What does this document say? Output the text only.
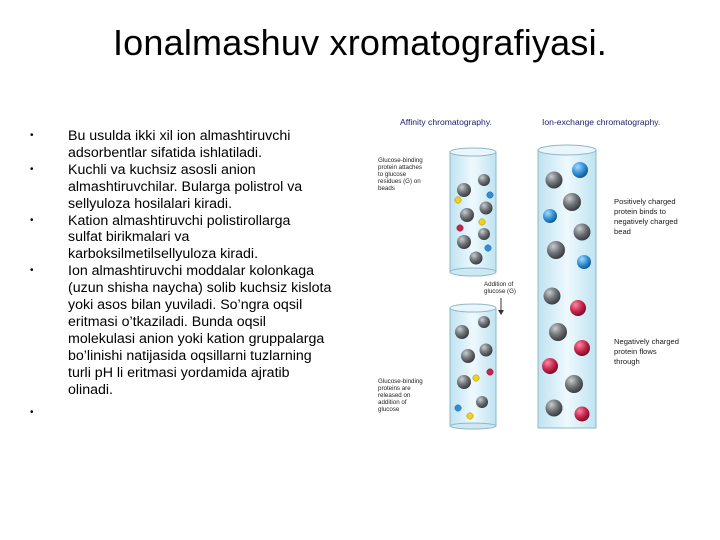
Ionalmashuv xromatografiyasi.
• Bu usulda ikki xil ion almashtiruvchi
adsorbentlar sifatida ishlatiladi.
• Kuchli va kuchsiz asosli anion
almashtiruvchilar. Bularga polistrol va
sellyuloza hosilalari kiradi.
• Kation almashtiruvchi polistirollarga
sulfat birikmalari va
karboksilmetilsellyuloza kiradi.
• Ion almashtiruvchi moddalar kolonkaga
(uzun shisha naycha) solib kuchsiz kislota
yoki asos bilan yuviladi. So’ngra oqsil
eritmasi o’tkaziladi. Bunda oqsil
molekulasi anion yoki kation gruppalarga
bo’linishi natijasida oqsillarni tuzlarning
turli pH li eritmasi yordamida ajratib
olinadi.
•
Affinity chromatography.	Ion-exchange chromatography.
Glucose-binding
protein attaches
to glucose
residues (G) on
beads
Addition of
glucose (G)
Glucose-binding
proteins are
released on
addition of
glucose
Positively charged
protein binds to
negatively charged
bead
Negatively charged
protein flows
through
